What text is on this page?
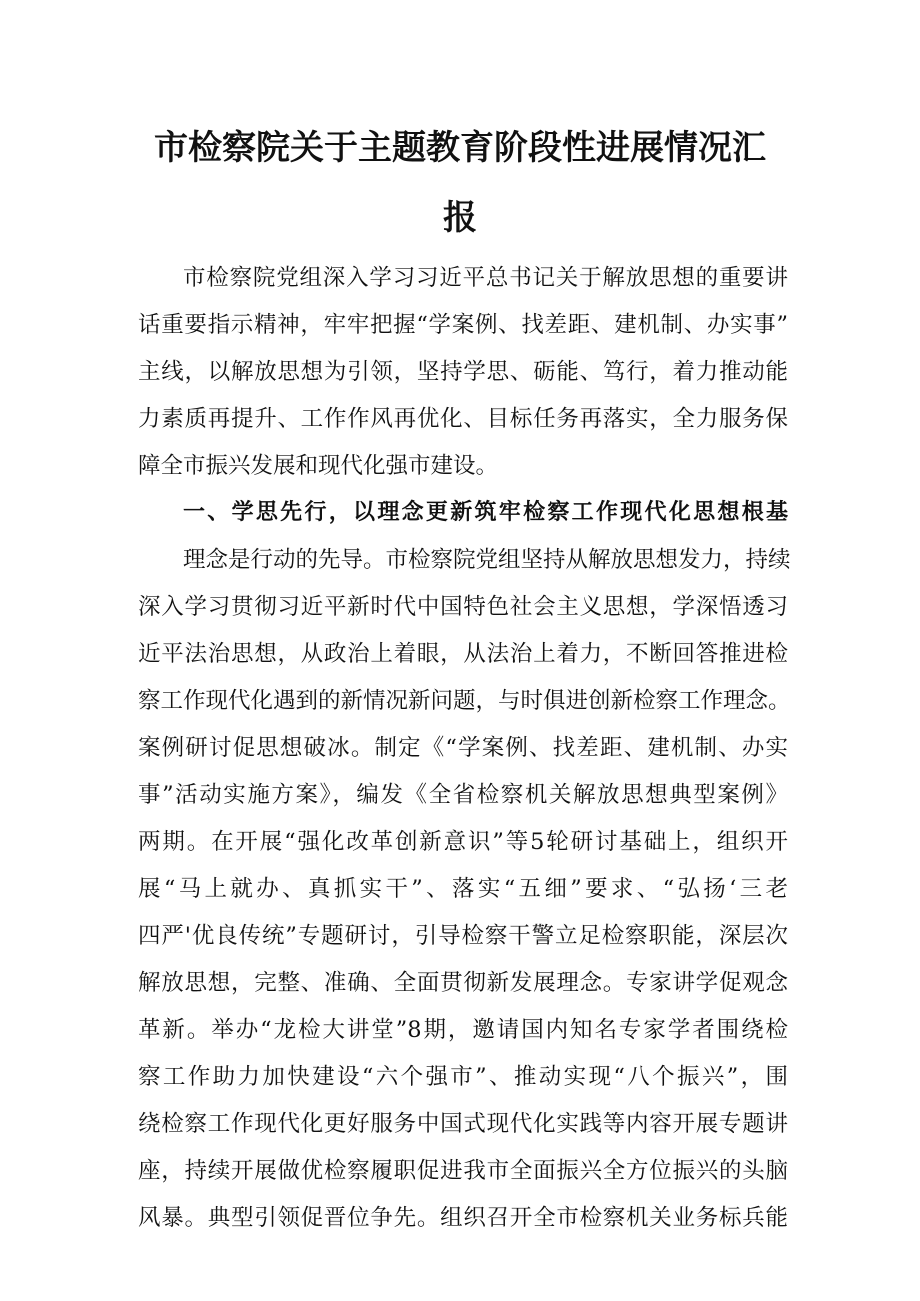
市检察院关于主题教育阶段性进展情况汇
报

市检察院党组深入学习习近平总书记关于解放思想的重要讲

话重要指示精神，牢牢把握“学案例、找差距、建机制、办实事”

主线，以解放思想为引领，坚持学思、砺能、笃行，着力推动能

力素质再提升、工作作风再优化、目标任务再落实，全力服务保

障全市振兴发展和现代化强市建设。

一、学思先行，以理念更新筑牢检察工作现代化思想根基

理念是行动的先导。市检察院党组坚持从解放思想发力，持续

深入学习贯彻习近平新时代中国特色社会主义思想，学深悟透习

近平法治思想，从政治上着眼，从法治上着力，不断回答推进检

察工作现代化遇到的新情况新问题，与时俱进创新检察工作理念。

案例研讨促思想破冰。制定《“学案例、找差距、建机制、办实

事”活动实施方案》，编发《全省检察机关解放思想典型案例》

两期。在开展“强化改革创新意识”等5轮研讨基础上，组织开

展“马上就办、真抓实干”、落实“五细”要求、“弘扬‘三老

四严'优良传统”专题研讨，引导检察干警立足检察职能，深层次

解放思想，完整、准确、全面贯彻新发展理念。专家讲学促观念

革新。举办“龙检大讲堂”8期，邀请国内知名专家学者围绕检

察工作助力加快建设“六个强市”、推动实现“八个振兴”，围

绕检察工作现代化更好服务中国式现代化实践等内容开展专题讲

座，持续开展做优检察履职促进我市全面振兴全方位振兴的头脑

风暴。典型引领促晋位争先。组织召开全市检察机关业务标兵能
